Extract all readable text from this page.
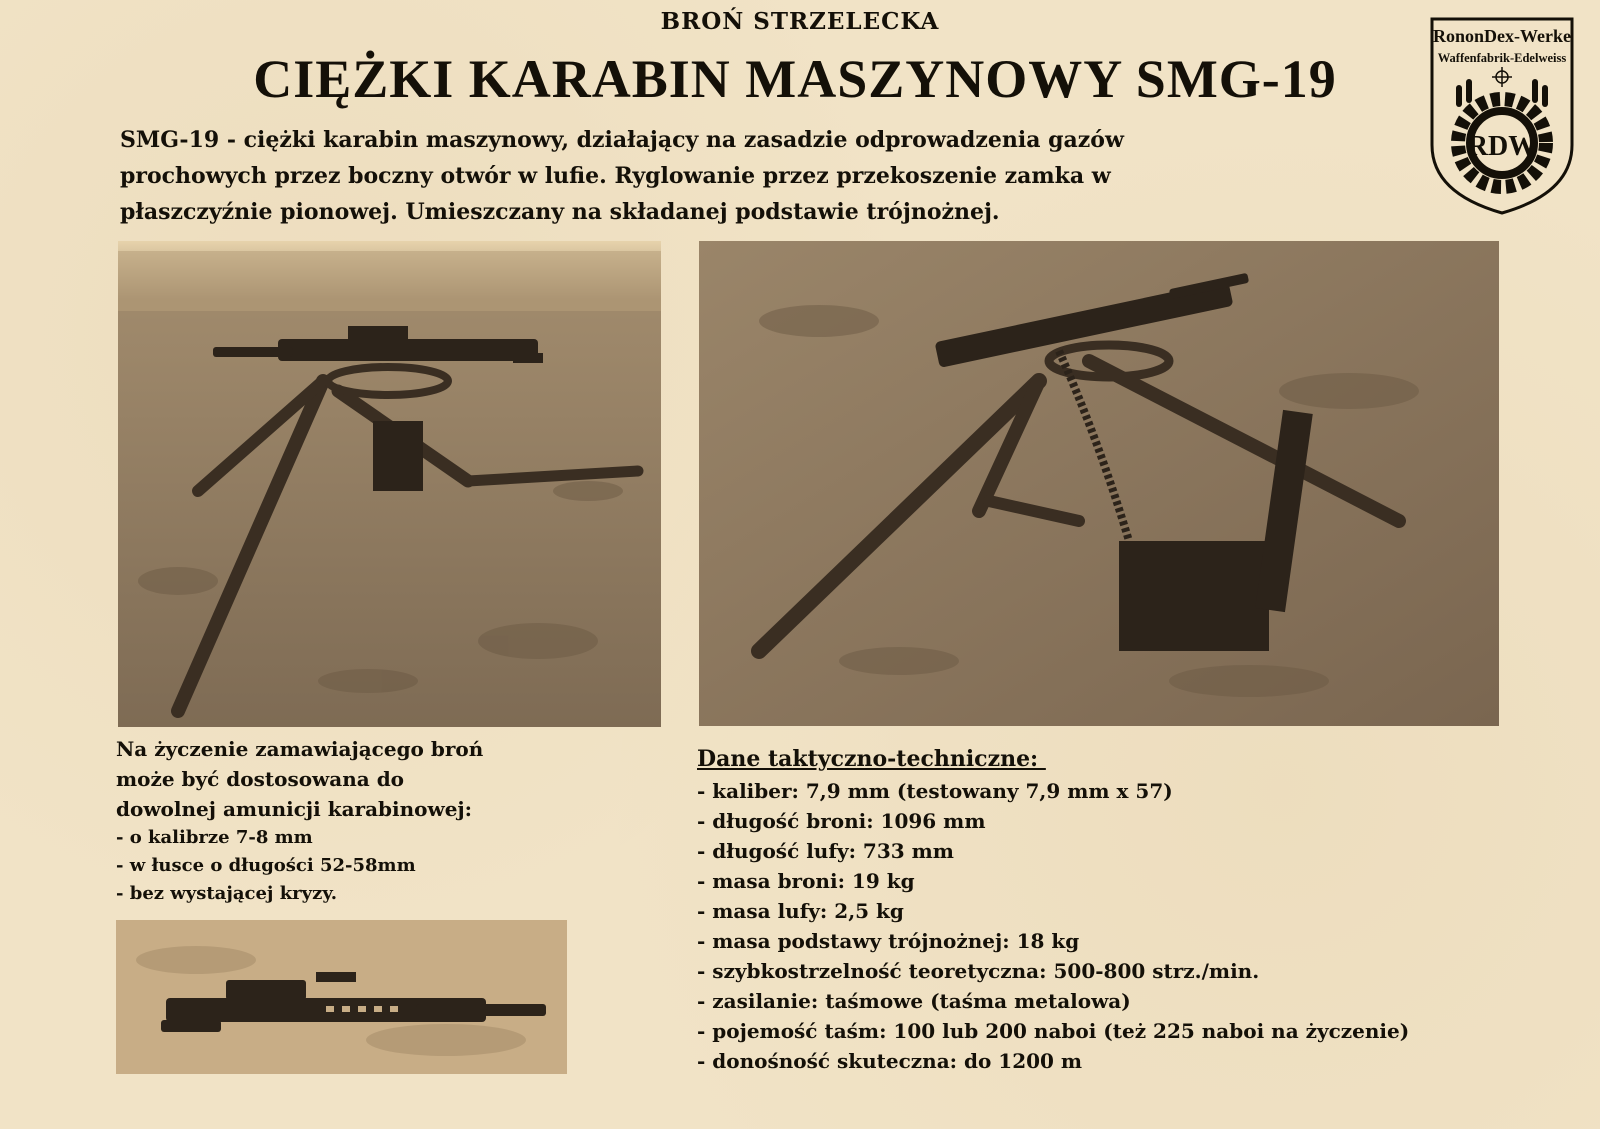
BROŃ STRZELECKA
CIĘŻKI KARABIN MASZYNOWY SMG-19
SMG-19 - ciężki karabin maszynowy, działający na zasadzie odprowadzenia gazów
prochowych przez boczny otwór w lufie. Ryglowanie przez przekoszenie zamka w
płaszczyźnie pionowej. Umieszczany na składanej podstawie trójnożnej.
RononDex-Werke
Waffenfabrik-Edelweiss
RDW
Na życzenie zamawiającego broń
może być dostosowana do
dowolnej amunicji karabinowej:
- o kalibrze 7-8 mm
- w łusce o długości 52-58mm
- bez wystającej kryzy.
Dane taktyczno-techniczne:
- kaliber: 7,9 mm (testowany 7,9 mm x 57)
- długość broni: 1096 mm
- długość lufy: 733 mm
- masa broni: 19 kg
- masa lufy: 2,5 kg
- masa podstawy trójnożnej: 18 kg
- szybkostrzelność teoretyczna: 500-800 strz./min.
- zasilanie: taśmowe (taśma metalowa)
- pojemość taśm: 100 lub 200 naboi (też 225 naboi na życzenie)
- donośność skuteczna: do 1200 m
